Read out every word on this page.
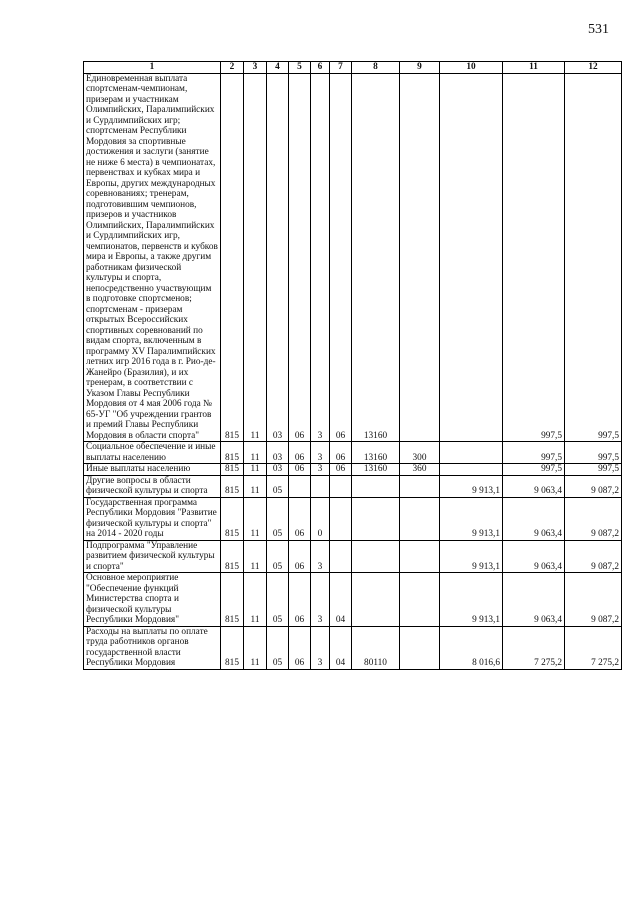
531
1	2	3	4	5	6	7	8	9	10	11	12
Единовременная выплата спортсменам-чемпионам, призерам и участникам Олимпийских, Паралимпийских и Сурдлимпийских игр; спортсменам Республики Мордовия за спортивные достижения и заслуги (занятие не ниже 6 места) в чемпионатах, первенствах и кубках мира и Европы, других международных соревнованиях; тренерам, подготовившим чемпионов, призеров и участников Олимпийских, Паралимпийских и Сурдлимпийских игр, чемпионатов, первенств и кубков мира и Европы, а также другим работникам физической культуры и спорта, непосредственно участвующим в подготовке спортсменов; спортсменам - призерам открытых Всероссийских спортивных соревнований по видам спорта, включенным в программу XV Паралимпийских летних игр 2016 года в г. Рио-де-Жанейро (Бразилия), и их тренерам, в соответствии с Указом Главы Республики Мордовия от 4 мая 2006 года № 65-УГ "Об учреждении грантов и премий Главы Республики Мордовия в области спорта"	815	11	03	06	3	06	13160			997,5	997,5
Социальное обеспечение и иные выплаты населению	815	11	03	06	3	06	13160	300		997,5	997,5
Иные выплаты населению	815	11	03	06	3	06	13160	360		997,5	997,5
Другие вопросы в области физической культуры и спорта	815	11	05						9 913,1	9 063,4	9 087,2
Государственная программа Республики Мордовия "Развитие физической культуры и спорта" на 2014 - 2020 годы	815	11	05	06	0				9 913,1	9 063,4	9 087,2
Подпрограмма "Управление развитием физической культуры и спорта"	815	11	05	06	3				9 913,1	9 063,4	9 087,2
Основное мероприятие "Обеспечение функций Министерства спорта и физической культуры Республики Мордовия"	815	11	05	06	3	04			9 913,1	9 063,4	9 087,2
Расходы на выплаты по оплате труда работников органов государственной власти Республики Мордовия	815	11	05	06	3	04	80110		8 016,6	7 275,2	7 275,2
